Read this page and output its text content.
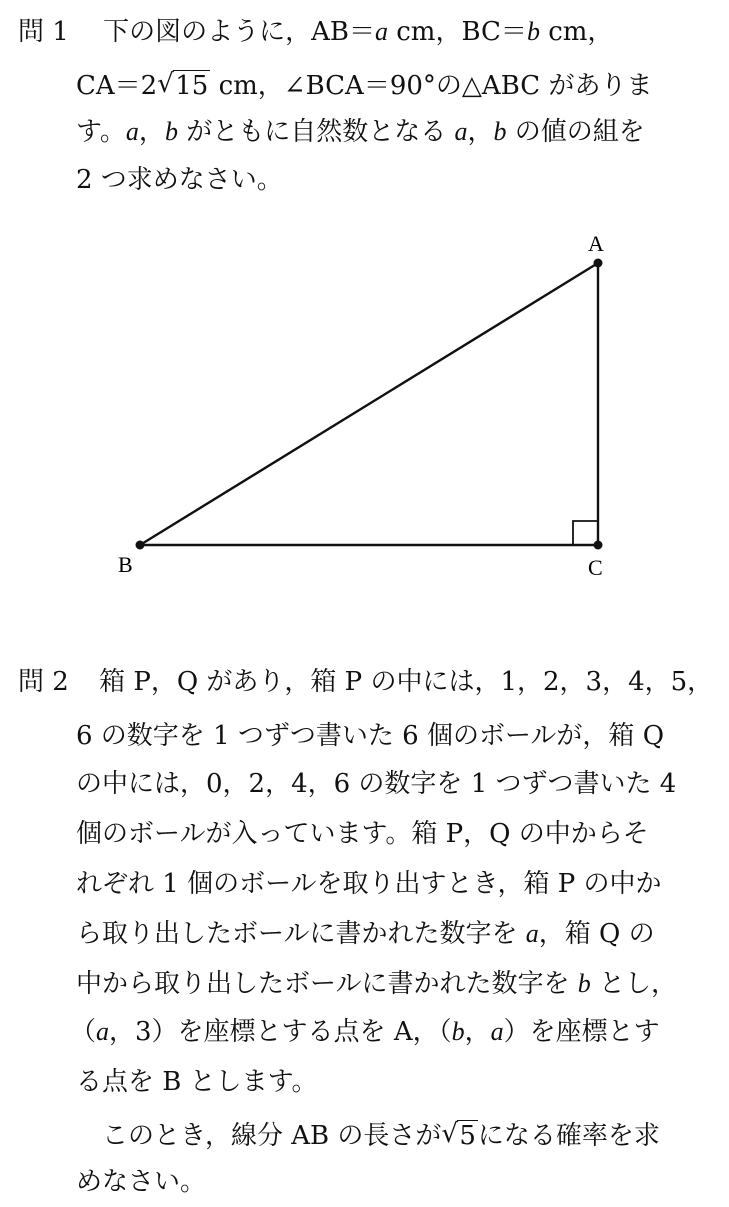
問 1 下の図のように，AB＝a cm，BC＝b cm，
CA＝2 √ 15 cm，∠BCA＝90°の△ABC がありま
す。a，b がともに自然数となる a，b の値の組を
2 つ求めなさい。
A
B	C
問 2 箱 P，Q があり，箱 P の中には，1，2，3，4，5，
6 の数字を 1 つずつ書いた 6 個のボールが，箱 Q
の中には，0，2，4，6 の数字を 1 つずつ書いた 4
個のボールが入っています。箱 P，Q の中からそ
れぞれ 1 個のボールを取り出すとき，箱 P の中か
ら取り出したボールに書かれた数字を a，箱 Q の
中から取り出したボールに書かれた数字を b とし，
（a，3）を座標とする点を A，（b，a）を座標とす
る点を B とします。
このとき，線分 AB の長さが √ 5になる確率を求
めなさい。
